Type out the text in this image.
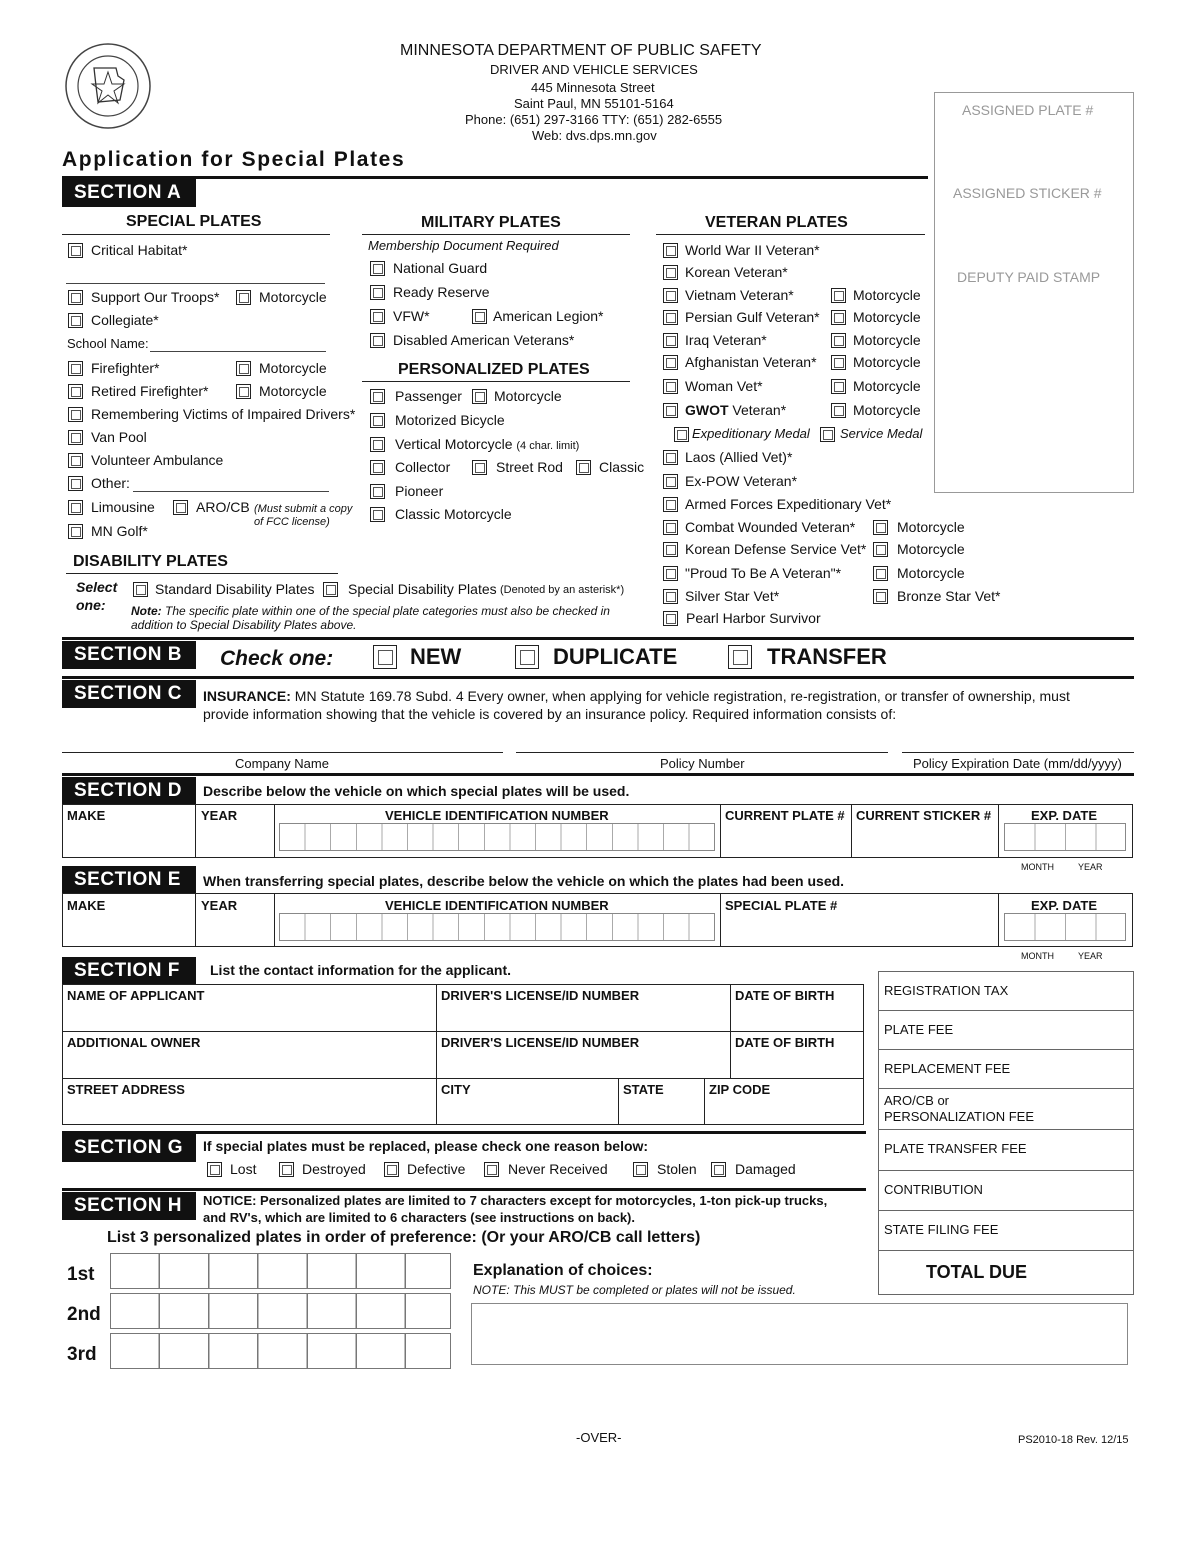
MINNESOTA DEPARTMENT OF PUBLIC SAFETY
DRIVER AND VEHICLE SERVICES
445 Minnesota Street
Saint Paul, MN 55101-5164
Phone: (651) 297-3166 TTY: (651) 282-6555
Web: dvs.dps.mn.gov
Application for Special Plates
ASSIGNED PLATE #
ASSIGNED STICKER #
DEPUTY PAID STAMP
SECTION A
SPECIAL PLATES
Critical Habitat*
Support Our Troops*	Motorcycle
Collegiate*
School Name:
Firefighter*	Motorcycle
Retired Firefighter*	Motorcycle
Remembering Victims of Impaired Drivers*
Van Pool
Volunteer Ambulance
Other:
Limousine	ARO/CB (Must submit a copy
of FCC license)
MN Golf*
DISABILITY PLATES
Select
one:
Standard Disability Plates Special Disability Plates (Denoted by an asterisk*)
Note: The specific plate within one of the special plate categories must also be checked in
addition to Special Disability Plates above.
MILITARY PLATES
Membership Document Required
National Guard
Ready Reserve
VFW*	American Legion*
Disabled American Veterans*
PERSONALIZED PLATES
Passenger Motorcycle
Motorized Bicycle
Vertical Motorcycle (4 char. limit)
Collector	Street Rod	Classic
Pioneer
Classic Motorcycle
VETERAN PLATES
World War II Veteran*
Korean Veteran*
Vietnam Veteran*	Motorcycle
Persian Gulf Veteran* Motorcycle
Iraq Veteran*	Motorcycle
Afghanistan Veteran*	Motorcycle
Woman Vet*	Motorcycle
GWOT Veteran*	Motorcycle
Expeditionary Medal Service Medal
Laos (Allied Vet)*
Ex-POW Veteran*
Armed Forces Expeditionary Vet*
Combat Wounded Veteran*	Motorcycle
Korean Defense Service Vet* Motorcycle
"Proud To Be A Veteran"*	Motorcycle
Silver Star Vet*	Bronze Star Vet*
Pearl Harbor Survivor
SECTION B	Check one:	NEW	DUPLICATE	TRANSFER
SECTION C	INSURANCE: MN Statute 169.78 Subd. 4 Every owner, when applying for vehicle registration, re-registration, or transfer of ownership, must
provide information showing that the vehicle is covered by an insurance policy. Required information consists of:
Company Name	Policy Number	Policy Expiration Date (mm/dd/yyyy)
SECTION D	Describe below the vehicle on which special plates will be used.
MAKE	YEAR	VEHICLE IDENTIFICATION NUMBER	CURRENT PLATE # CURRENT STICKER #	EXP. DATE
MONTH	YEAR
SECTION E	When transferring special plates, describe below the vehicle on which the plates had been used.
MAKE	YEAR	VEHICLE IDENTIFICATION NUMBER	SPECIAL PLATE #	EXP. DATE
MONTH	YEAR
SECTION F	List the contact information for the applicant.
NAME OF APPLICANT	DRIVER'S LICENSE/ID NUMBER	DATE OF BIRTH
ADDITIONAL OWNER	DRIVER'S LICENSE/ID NUMBER	DATE OF BIRTH
STREET ADDRESS	CITY	STATE	ZIP CODE
REGISTRATION TAX
PLATE FEE
REPLACEMENT FEE
ARO/CB or
PERSONALIZATION FEE
PLATE TRANSFER FEE
CONTRIBUTION
STATE FILING FEE
TOTAL DUE
SECTION G	If special plates must be replaced, please check one reason below:
Lost	Destroyed	Defective	Never Received	Stolen	Damaged
SECTION H	NOTICE: Personalized plates are limited to 7 characters except for motorcycles, 1-ton pick-up trucks,
and RV's, which are limited to 6 characters (see instructions on back).
List 3 personalized plates in order of preference: (Or your ARO/CB call letters)
1st
2nd
3rd
Explanation of choices:
NOTE: This MUST be completed or plates will not be issued.
-OVER-	PS2010-18 Rev. 12/15
